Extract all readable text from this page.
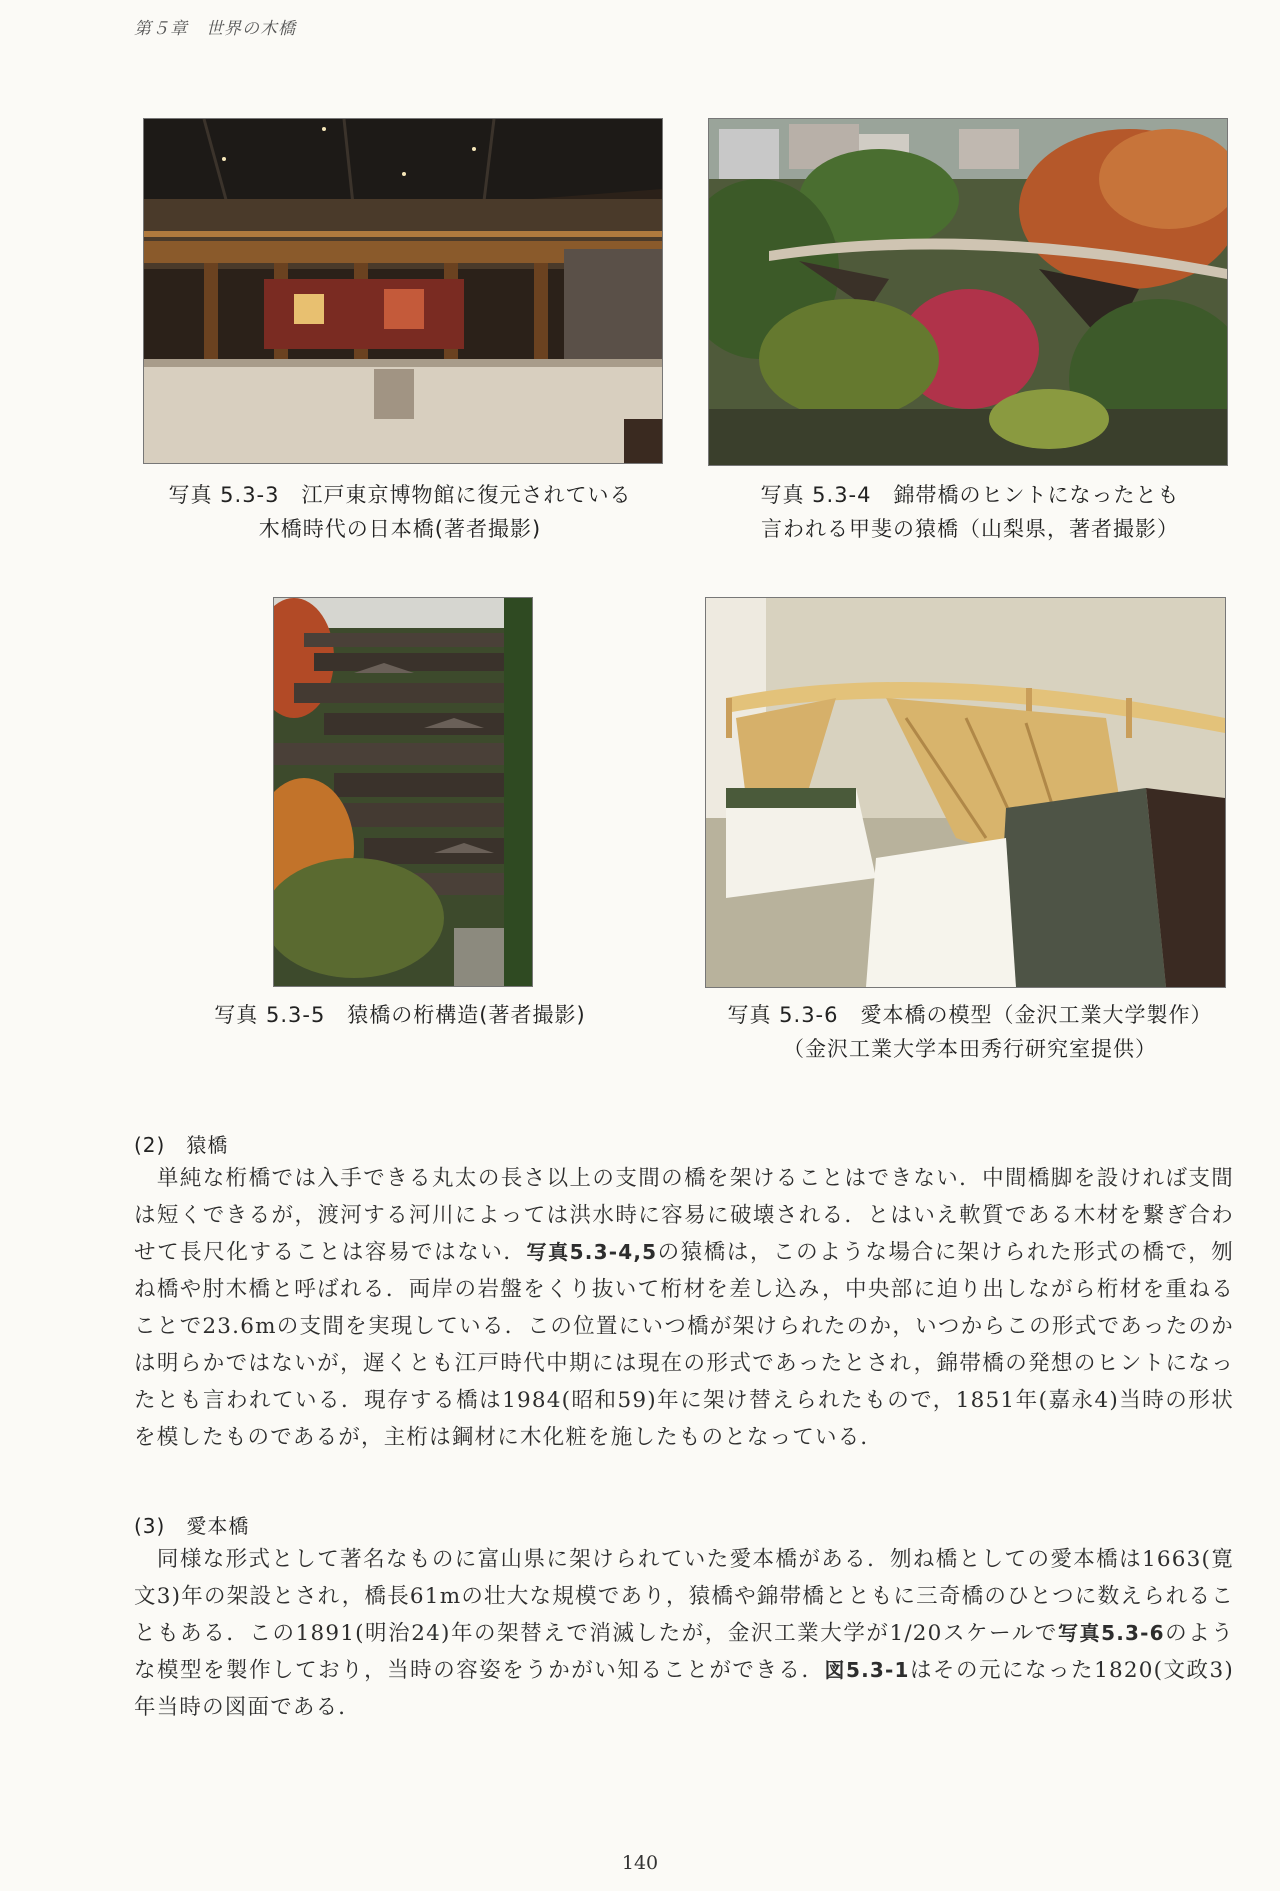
第５章　世界の木橋
写真 5.3-3　江戸東京博物館に復元されている
木橋時代の日本橋(著者撮影)
写真 5.3-4　錦帯橋のヒントになったとも
言われる甲斐の猿橋（山梨県，著者撮影）
写真 5.3-5　猿橋の桁構造(著者撮影)	写真 5.3-6　愛本橋の模型（金沢工業大学製作）
（金沢工業大学本田秀行研究室提供）
(2)　猿橋
　単純な桁橋では入手できる丸太の長さ以上の支間の橋を架けることはできない．中間橋脚を設ければ支間は短くできるが，渡河する河川によっては洪水時に容易に破壊される．とはいえ軟質である木材を繋ぎ合わせて長尺化することは容易ではない．写真5.3-4,5の猿橋は，このような場合に架けられた形式の橋で，刎ね橋や肘木橋と呼ばれる．両岸の岩盤をくり抜いて桁材を差し込み，中央部に迫り出しながら桁材を重ねることで23.6mの支間を実現している．この位置にいつ橋が架けられたのか，いつからこの形式であったのかは明らかではないが，遅くとも江戸時代中期には現在の形式であったとされ，錦帯橋の発想のヒントになったとも言われている．現存する橋は1984(昭和59)年に架け替えられたもので，1851年(嘉永4)当時の形状を模したものであるが，主桁は鋼材に木化粧を施したものとなっている．
(3)　愛本橋
　同様な形式として著名なものに富山県に架けられていた愛本橋がある．刎ね橋としての愛本橋は1663(寛文3)年の架設とされ，橋長61mの壮大な規模であり，猿橋や錦帯橋とともに三奇橋のひとつに数えられることもある．この1891(明治24)年の架替えで消滅したが，金沢工業大学が1/20スケールで写真5.3-6のような模型を製作しており，当時の容姿をうかがい知ることができる．図5.3-1はその元になった1820(文政3)年当時の図面である．
140
